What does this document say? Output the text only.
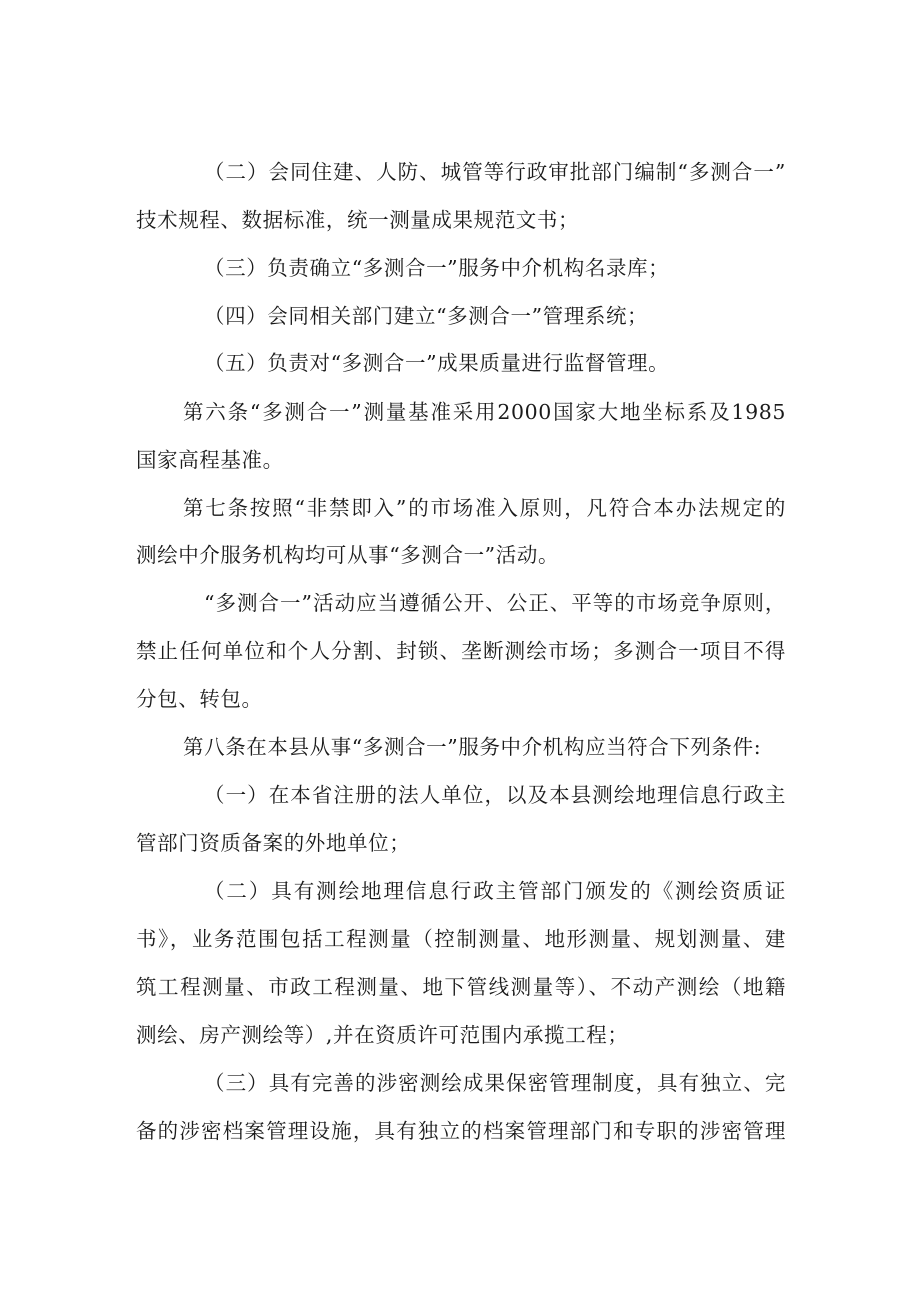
（二）会同住建、人防、城管等行政审批部门编制“多测合一”
技术规程、数据标准，统一测量成果规范文书；
（三）负责确立“多测合一”服务中介机构名录库；
（四）会同相关部门建立“多测合一”管理系统；
（五）负责对“多测合一”成果质量进行监督管理。
第六条“多测合一”测量基准采用2000国家大地坐标系及1985
国家高程基准。
第七条按照“非禁即入”的市场准入原则，凡符合本办法规定的
测绘中介服务机构均可从事“多测合一”活动。
“多测合一”活动应当遵循公开、公正、平等的市场竞争原则，
禁止任何单位和个人分割、封锁、垄断测绘市场；多测合一项目不得
分包、转包。
第八条在本县从事“多测合一”服务中介机构应当符合下列条件:
（一）在本省注册的法人单位，以及本县测绘地理信息行政主
管部门资质备案的外地单位；
（二）具有测绘地理信息行政主管部门颁发的《测绘资质证
书》，业务范围包括工程测量（控制测量、地形测量、规划测量、建
筑工程测量、市政工程测量、地下管线测量等）、不动产测绘（地籍
测绘、房产测绘等）,并在资质许可范围内承揽工程；
（三）具有完善的涉密测绘成果保密管理制度，具有独立、完
备的涉密档案管理设施，具有独立的档案管理部门和专职的涉密管理
